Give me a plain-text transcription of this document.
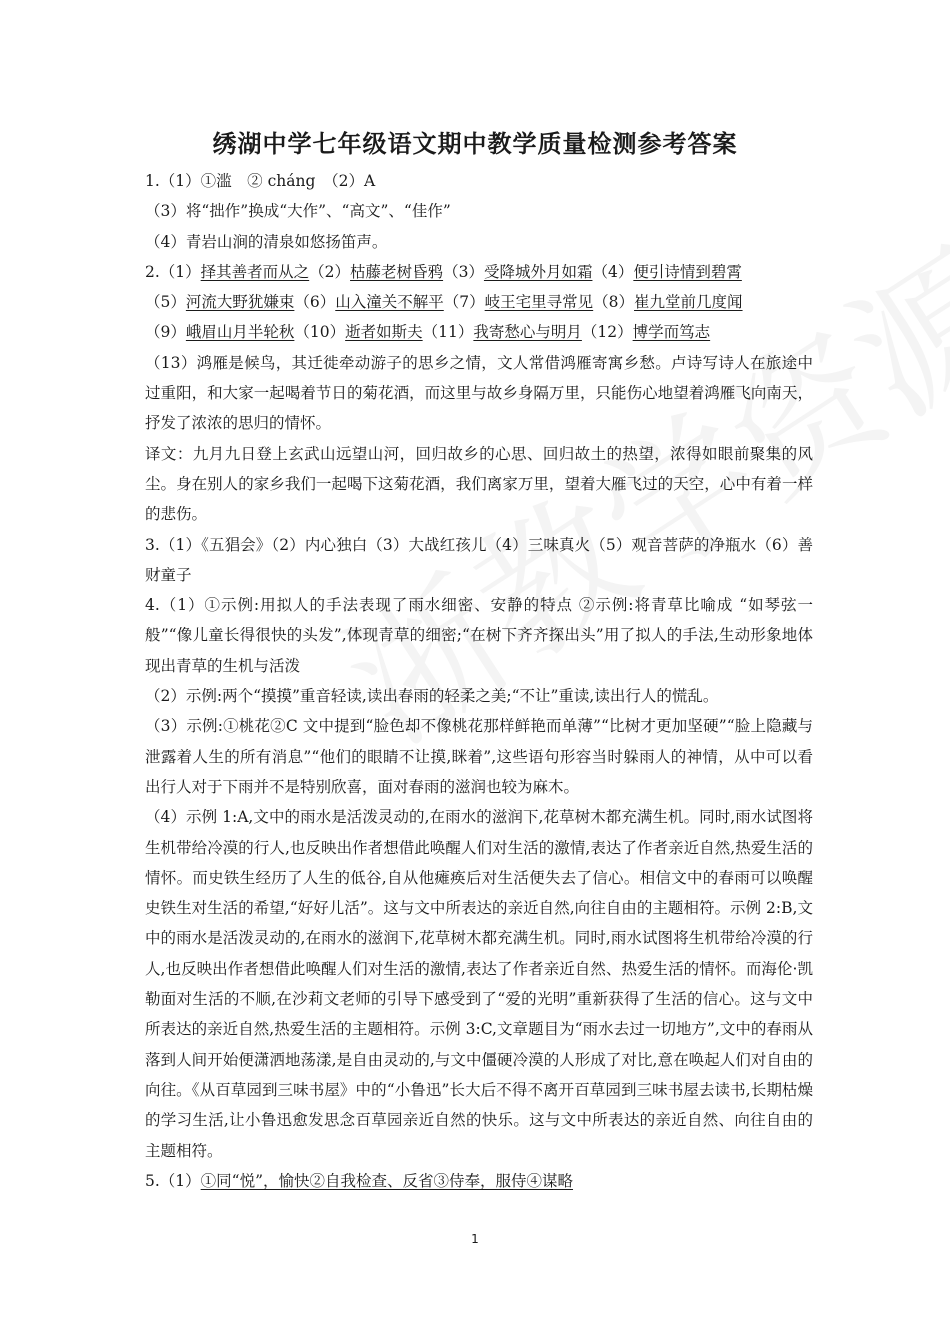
绣湖中学七年级语文期中教学质量检测参考答案
1.（1）①滥　② cháng　（2）A
（3）将“拙作”换成“大作”、“高文”、“佳作”
（4）青岩山涧的清泉如悠扬笛声。
2.（1）择其善者而从之（2）枯藤老树昏鸦（3）受降城外月如霜（4）便引诗情到碧霄
（5）河流大野犹嫌束（6）山入潼关不解平（7）岐王宅里寻常见（8）崔九堂前几度闻
（9）峨眉山月半轮秋（10）逝者如斯夫（11）我寄愁心与明月（12）博学而笃志
（13）鸿雁是候鸟，其迁徙牵动游子的思乡之情，文人常借鸿雁寄寓乡愁。卢诗写诗人在旅途中过重阳，和大家一起喝着节日的菊花酒，而这里与故乡身隔万里，只能伤心地望着鸿雁飞向南天，抒发了浓浓的思归的情怀。
译文：九月九日登上玄武山远望山河，回归故乡的心思、回归故土的热望，浓得如眼前聚集的风尘。身在别人的家乡我们一起喝下这菊花酒，我们离家万里，望着大雁飞过的天空，心中有着一样的悲伤。
3.（1）《五猖会》（2）内心独白（3）大战红孩儿（4）三味真火（5）观音菩萨的净瓶水（6）善财童子
4.（1）①示例:用拟人的手法表现了雨水细密、安静的特点 ②示例:将青草比喻成 “如琴弦一般”“像儿童长得很快的头发”,体现青草的细密;“在树下齐齐探出头”用了拟人的手法,生动形象地体现出青草的生机与活泼
（2）示例:两个“摸摸”重音轻读,读出春雨的轻柔之美;“不让”重读,读出行人的慌乱。
（3）示例:①桃花②C 文中提到“脸色却不像桃花那样鲜艳而单薄”“比树才更加坚硬”“脸上隐藏与泄露着人生的所有消息”“他们的眼睛不让摸,眯着”,这些语句形容当时躲雨人的神情，从中可以看出行人对于下雨并不是特别欣喜，面对春雨的滋润也较为麻木。
（4）示例 1:A,文中的雨水是活泼灵动的,在雨水的滋润下,花草树木都充满生机。同时,雨水试图将生机带给冷漠的行人,也反映出作者想借此唤醒人们对生活的激情,表达了作者亲近自然,热爱生活的情怀。而史铁生经历了人生的低谷,自从他瘫痪后对生活便失去了信心。相信文中的春雨可以唤醒史铁生对生活的希望,“好好儿活”。这与文中所表达的亲近自然,向往自由的主题相符。示例 2:B,文中的雨水是活泼灵动的,在雨水的滋润下,花草树木都充满生机。同时,雨水试图将生机带给冷漠的行人,也反映出作者想借此唤醒人们对生活的激情,表达了作者亲近自然、热爱生活的情怀。而海伦·凯勒面对生活的不顺,在沙莉文老师的引导下感受到了“爱的光明”重新获得了生活的信心。这与文中所表达的亲近自然,热爱生活的主题相符。示例 3:C,文章题目为“雨水去过一切地方”,文中的春雨从落到人间开始便潇洒地荡漾,是自由灵动的,与文中僵硬冷漠的人形成了对比,意在唤起人们对自由的向往。《从百草园到三味书屋》中的“小鲁迅”长大后不得不离开百草园到三味书屋去读书,长期枯燥的学习生活,让小鲁迅愈发思念百草园亲近自然的快乐。这与文中所表达的亲近自然、向往自由的主题相符。
5.（1）①同“悦”，愉快②自我检查、反省③侍奉，服侍④谋略
1
